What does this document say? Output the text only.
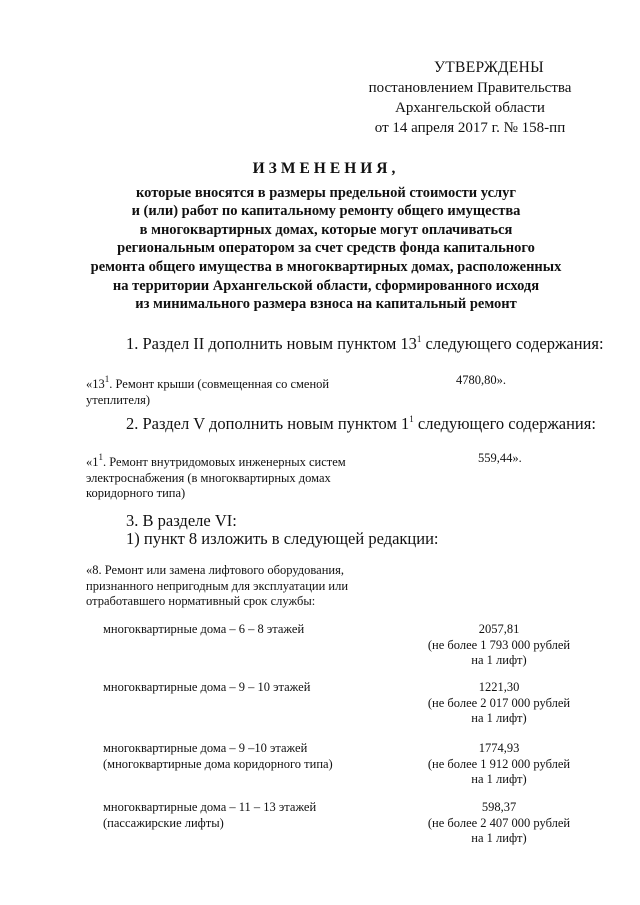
УТВЕРЖДЕНЫ
постановлением Правительства
Архангельской области
от 14 апреля 2017 г. № 158-пп
ИЗМЕНЕНИЯ,
которые вносятся в размеры предельной стоимости услуг
и (или) работ по капитальному ремонту общего имущества
в многоквартирных домах, которые могут оплачиваться
региональным оператором за счет средств фонда капитального
ремонта общего имущества в многоквартирных домах, расположенных
на территории Архангельской области, сформированного исходя
из минимального размера взноса на капитальный ремонт
1. Раздел II дополнить новым пунктом $13^1$ следующего содержания:
«$13^1$. Ремонт крыши (совмещенная со сменой
утеплителя)
4780,80».
2. Раздел V дополнить новым пунктом $1^1$ следующего содержания:
«$1^1$. Ремонт внутридомовых инженерных систем
электроснабжения (в многоквартирных домах
коридорного типа)
559,44».
3. В разделе VI:
1) пункт 8 изложить в следующей редакции:
«8. Ремонт или замена лифтового оборудования,
признанного непригодным для эксплуатации или
отработавшего нормативный срок службы:
многоквартирные дома – 6 – 8 этажей	2057,81
(не более 1 793 000 рублей
на 1 лифт)
многоквартирные дома – 9 – 10 этажей	1221,30
(не более 2 017 000 рублей
на 1 лифт)
многоквартирные дома – 9 –10 этажей
(многоквартирные дома коридорного типа)
1774,93
(не более 1 912 000 рублей
на 1 лифт)
многоквартирные дома – 11 – 13 этажей
(пассажирские лифты)
598,37
(не более 2 407 000 рублей
на 1 лифт)
